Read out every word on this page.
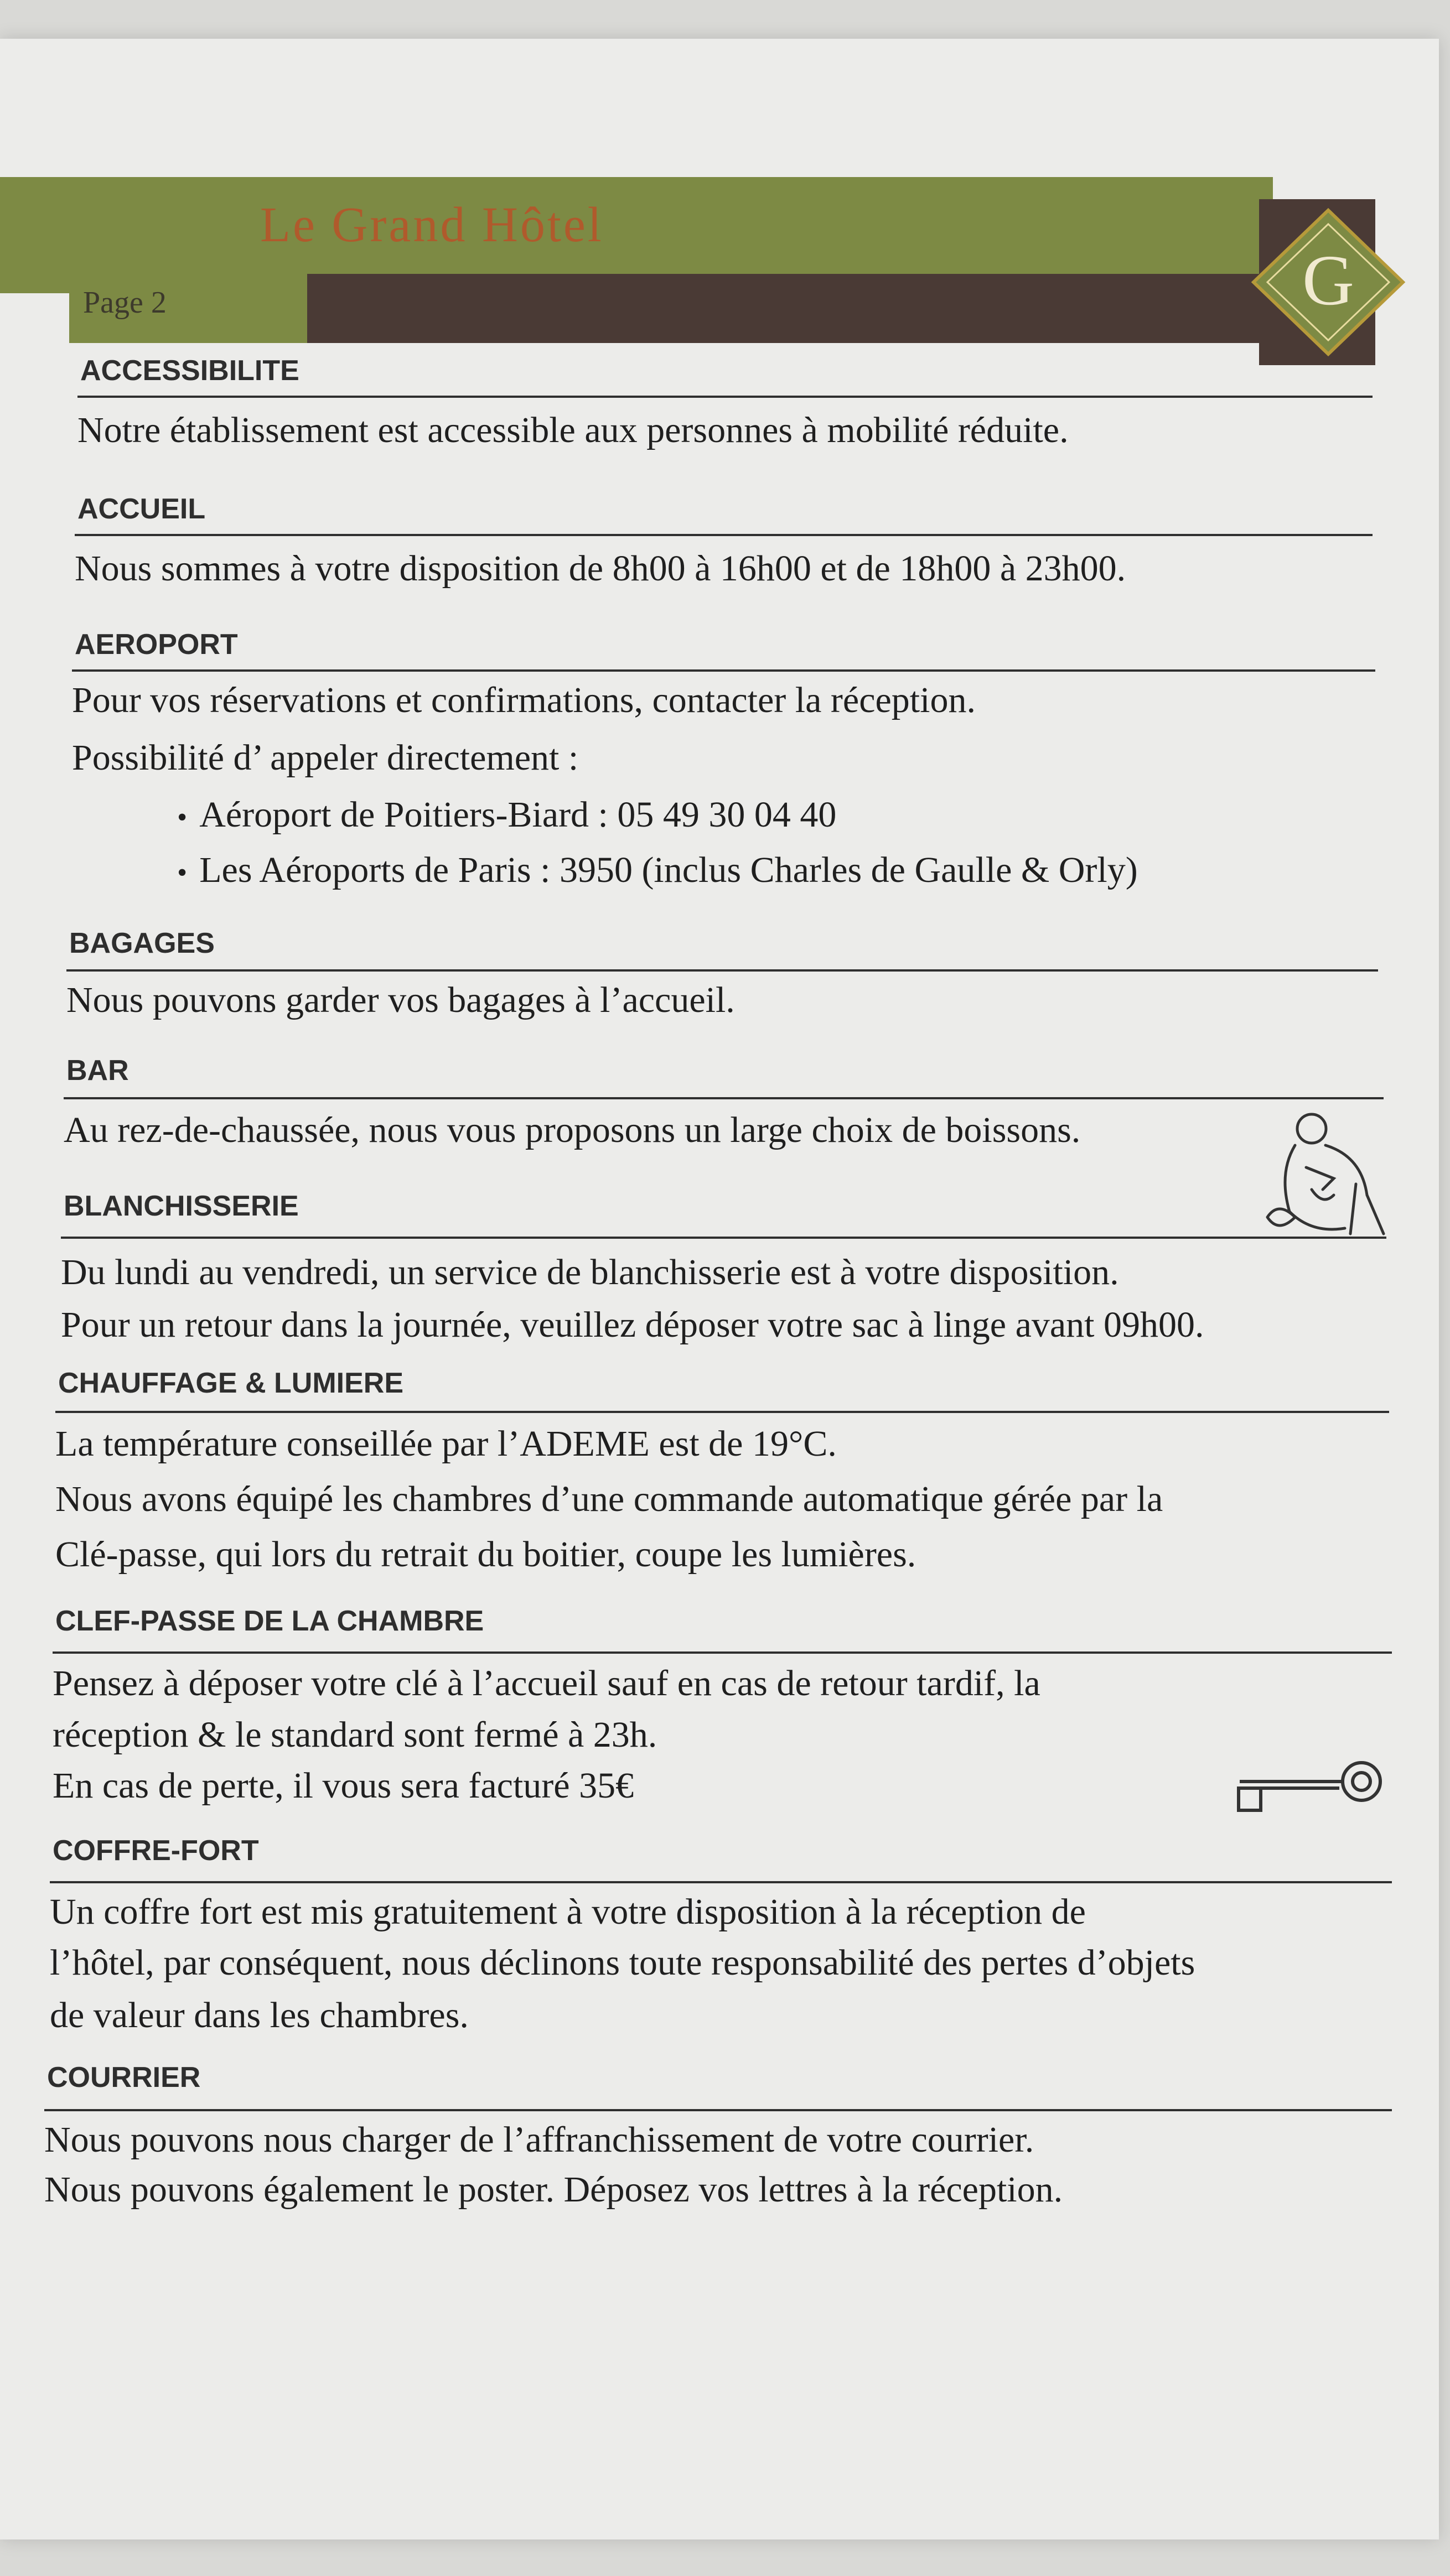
Le Grand Hôtel
Page 2	G
ACCESSIBILITE
Notre établissement est accessible aux personnes à mobilité réduite.
ACCUEIL
Nous sommes à votre disposition de 8h00 à 16h00 et de 18h00 à 23h00.
AEROPORT
Pour vos réservations et confirmations, contacter la réception.
Possibilité d’ appeler directement :
• Aéroport de Poitiers-Biard : 05 49 30 04 40
• Les Aéroports de Paris : 3950 (inclus Charles de Gaulle & Orly)
BAGAGES
Nous pouvons garder vos bagages à l’accueil.
BAR
Au rez-de-chaussée, nous vous proposons un large choix de boissons.
BLANCHISSERIE
Du lundi au vendredi, un service de blanchisserie est à votre disposition.
Pour un retour dans la journée, veuillez déposer votre sac à linge avant 09h00.
CHAUFFAGE & LUMIERE
La température conseillée par l’ADEME est de 19°C.
Nous avons équipé les chambres d’une commande automatique gérée par la
Clé-passe, qui lors du retrait du boitier, coupe les lumières.
CLEF-PASSE DE LA CHAMBRE
Pensez à déposer votre clé à l’accueil sauf en cas de retour tardif, la
réception & le standard sont fermé à 23h.
En cas de perte, il vous sera facturé 35€
COFFRE-FORT
Un coffre fort est mis gratuitement à votre disposition à la réception de
l’hôtel, par conséquent, nous déclinons toute responsabilité des pertes d’objets
de valeur dans les chambres.
COURRIER
Nous pouvons nous charger de l’affranchissement de votre courrier.
Nous pouvons également le poster. Déposez vos lettres à la réception.
